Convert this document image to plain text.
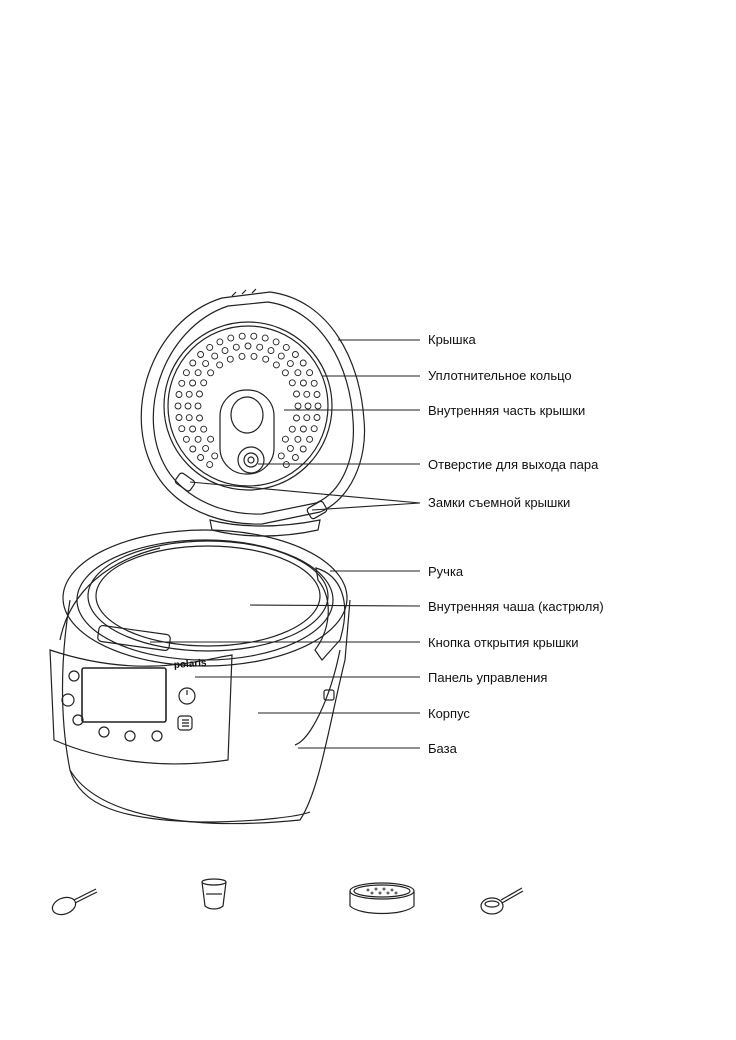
polaris
Крышка
Уплотнительное кольцо
Внутренняя часть крышки
Отверстие для выхода пара
Замки съемной крышки
Ручка
Внутренняя чаша (кастрюля)
Кнопка открытия крышки
Панель управления
Корпус
База
